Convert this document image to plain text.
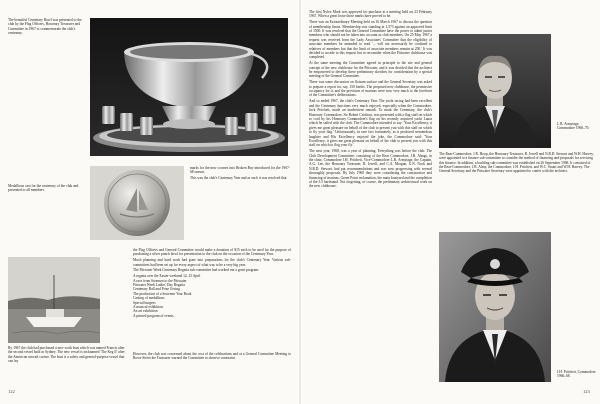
The beautiful Centenary Bowl was presented to the club by the Flag Officers, Honorary Treasurer and Committee in 1967 to commemorate the club's centenary.
Medallions cast for the centenary of the club and presented to all members.
By 1967 the club had purchased a new work boat which was named Francis after the second vessel built in Sydney. The new vessel is nicknamed 'The Keg Ii' after the American aircraft carrier. The boat is a safety and general-purpose vessel that can lay

marks for the new courses into Broken Bay introduced for the 1967-68 season.

This was the club's Centenary Year and as such it was resolved that

the Flag Officers and General Committee would make a donation of $15 each to be used for the purpose of purchasing a silver punch bowl for presentation to the club on the occasion of the Centenary Year.

Much planning and hard work had gone into preparations for the club's Centenary Year. Various sub-committees had been set up for every aspect of what was to be a very big year.

The Pittwater Week Centenary Regatta sub-committee had worked out a great program:

A regatta over the Easter weekend 12–15 April
A race from Swansea to the Pittwater
Pittwater Week Ladies' Day Regatta
Centenary Ball and Prize Giving
The production of a Souvenir Year Book
Casting of medallions
Special burgees
A musical exhibition
An art exhibition
A printed program of events.

However, the club was concerned about the cost of the celebrations and at a General Committee Meeting to Rowe Street the Treasurer warned the Committee to observe constraint.

122

The first Nylex Mark was approved for purchase at a meeting held on 23 February 1967. When a great loose those marks have proved to be.

There was an Extraordinary Meeting held on 16 March 1967 to discuss the question of membership limits. Membership was standing at 1,573 against an approved limit of 1500. It was resolved that the General Committee have the power to admit junior members who should not be taken into account as club members. On 25 May 1967 a request was received from the Lady Associates' Committee that the eligibility of associate members be amended to read '... will not necessarily be confined to relatives of members but that the limit of associate members remain at 250.' It was decided to accede to this request but to reconsider when the Pittwater clubhouse was completed.

At the same meeting the Committee agreed in principle to the site and general concept of the new clubhouse for the Pittwater, and it was decided that the architect be empowered to develop these preliminary sketches for consideration by a special meeting of the General Committee.

There was some discussion on flotsam surface and the General Secretary was asked to prepare a report for, say, 150 berths. The proposed new clubhouse, the permissive occupancy for it, and the provision of marinas were now very much to the forefront of the Committee's deliberations.

And so ended 1967, the club's Centenary Year. The yacht racing had been excellent and the Centenary functions very much enjoyed, especially when the Commodore, Jack Pritchett, made an inadvertent remark. To mark the Centenary, the club's Honorary Commodore, Sir Robert Crichton, was presented with a flag staff on which to cord by his Honorary Commodore's flag on his recently acquired yacht Laura which he sailed with the club. The Commodore intended to say: 'Your Excellency, it gives me great pleasure on behalf of the club to present you with this staff on which to fly your flag.' Unfortunately, in rare fact fortunately, as it produced tremendous laughter and His Excellency enjoyed the joke, the Commodore said: 'Your Excellency, it gives me great pleasure on behalf of the club to present you with this staff on which to flog your fly.'

The next year, 1968, was a year of planning. Everything was before the club. The Club Development Committee, consisting of the Rear Commodore, J.R. Almgs, in the chair, Commodore J.H. Pritchett, Vice-Commodore L.R. Armytage, the Captain, A.G. Lee, the Honorary Treasurer, R. Jewell, and C.A. Morgan, G.N. Nock and N.R.D. Stewart, had put recommendations and was now progressing with several thoroughly proposals. By July 1968 they were considering the construction and financing of marinas, Green Point reclamation, the main boatyard and the completion of the 5.5 hardstand. Not forgetting, of course, the preliminary architectural work on the new clubhouse.

L.R. Armytage, Commodore 1968–70.
The Rear-Commodore, J.R. Hoop, the Honorary Treasurer, R. Jewell and N.R.D. Stewart and W.H. Harvey, were appointed to a finance sub-committee to consider the method of financing and proposals for servicing this finance. In addition, a building sub-committee was established on 26 September 1968. It consisted of the Rear-Commodore, J.R. Almy, the Commodore, J.H. Pritchett, and W.C. Stuart and W.H. Harvey. The General Secretary and the Pittwater Secretary were appointed to confer with the architect.
J.H. Pritchett, Commodore 1966–68.
123
